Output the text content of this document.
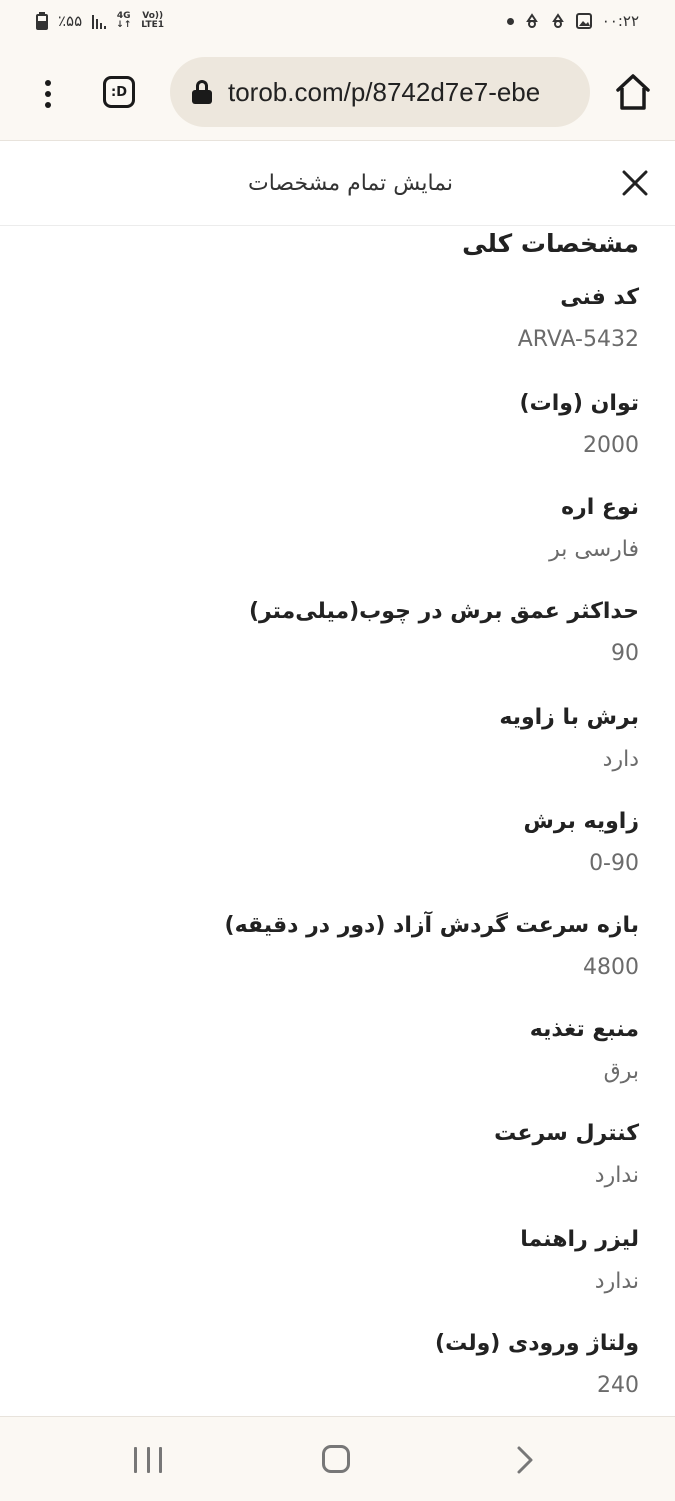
٪۵۵	4G
↓↑
Vo))
LTE1	۰۰:۲۲
:D	torob.com/p/8742d7e7-ebe
نمایش تمام مشخصات
مشخصات کلی
کد فنی
ARVA-5432
توان (وات)
2000
نوع اره
فارسی بر
حداکثر عمق برش در چوب(میلی‌متر)
90
برش با زاویه
دارد
زاویه برش
0-90
بازه سرعت گردش آزاد (دور در دقیقه)
4800
منبع تغذیه
برق
کنترل سرعت
ندارد
لیزر راهنما
ندارد
ولتاژ ورودی (ولت)
240
